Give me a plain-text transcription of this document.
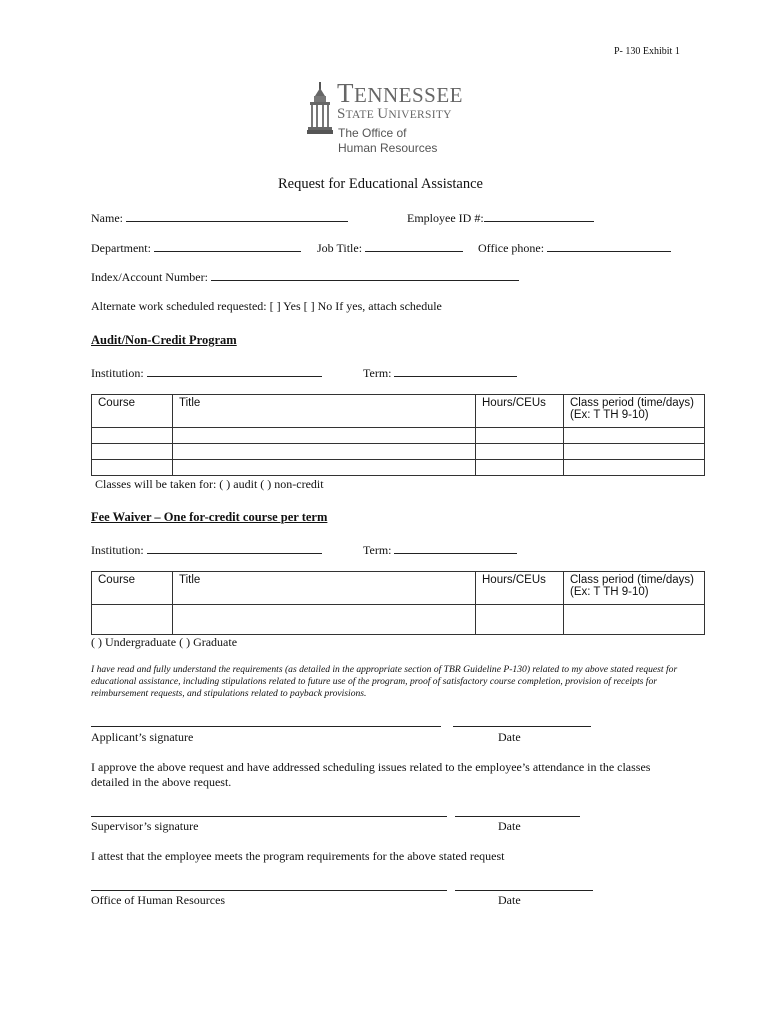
P- 130 Exhibit 1
TENNESSEE
STATE UNIVERSITY
The Office of
Human Resources
Request for Educational Assistance
Name:	Employee ID #:
Department:	Job Title:	Office phone:
Index/Account Number:
Alternate work scheduled requested: [ ] Yes [ ] No If yes, attach schedule
Audit/Non-Credit Program
Institution:	Term:
Course	Title	Hours/CEUs	Class period (time/days)
(Ex: T TH 9-10)

Classes will be taken for: ( ) audit ( ) non-credit
Fee Waiver – One for-credit course per term
Institution:	Term:
Course	Title	Hours/CEUs	Class period (time/days)
(Ex: T TH 9-10)

( ) Undergraduate ( ) Graduate
I have read and fully understand the requirements (as detailed in the appropriate section of TBR Guideline P-130) related to my above stated request for educational assistance, including stipulations related to future use of the program, proof of satisfactory course completion, provision of receipts for reimbursement requests, and stipulations related to payback provisions.
Applicant’s signature	Date
I approve the above request and have addressed scheduling issues related to the employee’s attendance in the classes detailed in the above request.
Supervisor’s signature	Date
I attest that the employee meets the program requirements for the above stated request
Office of Human Resources	Date
